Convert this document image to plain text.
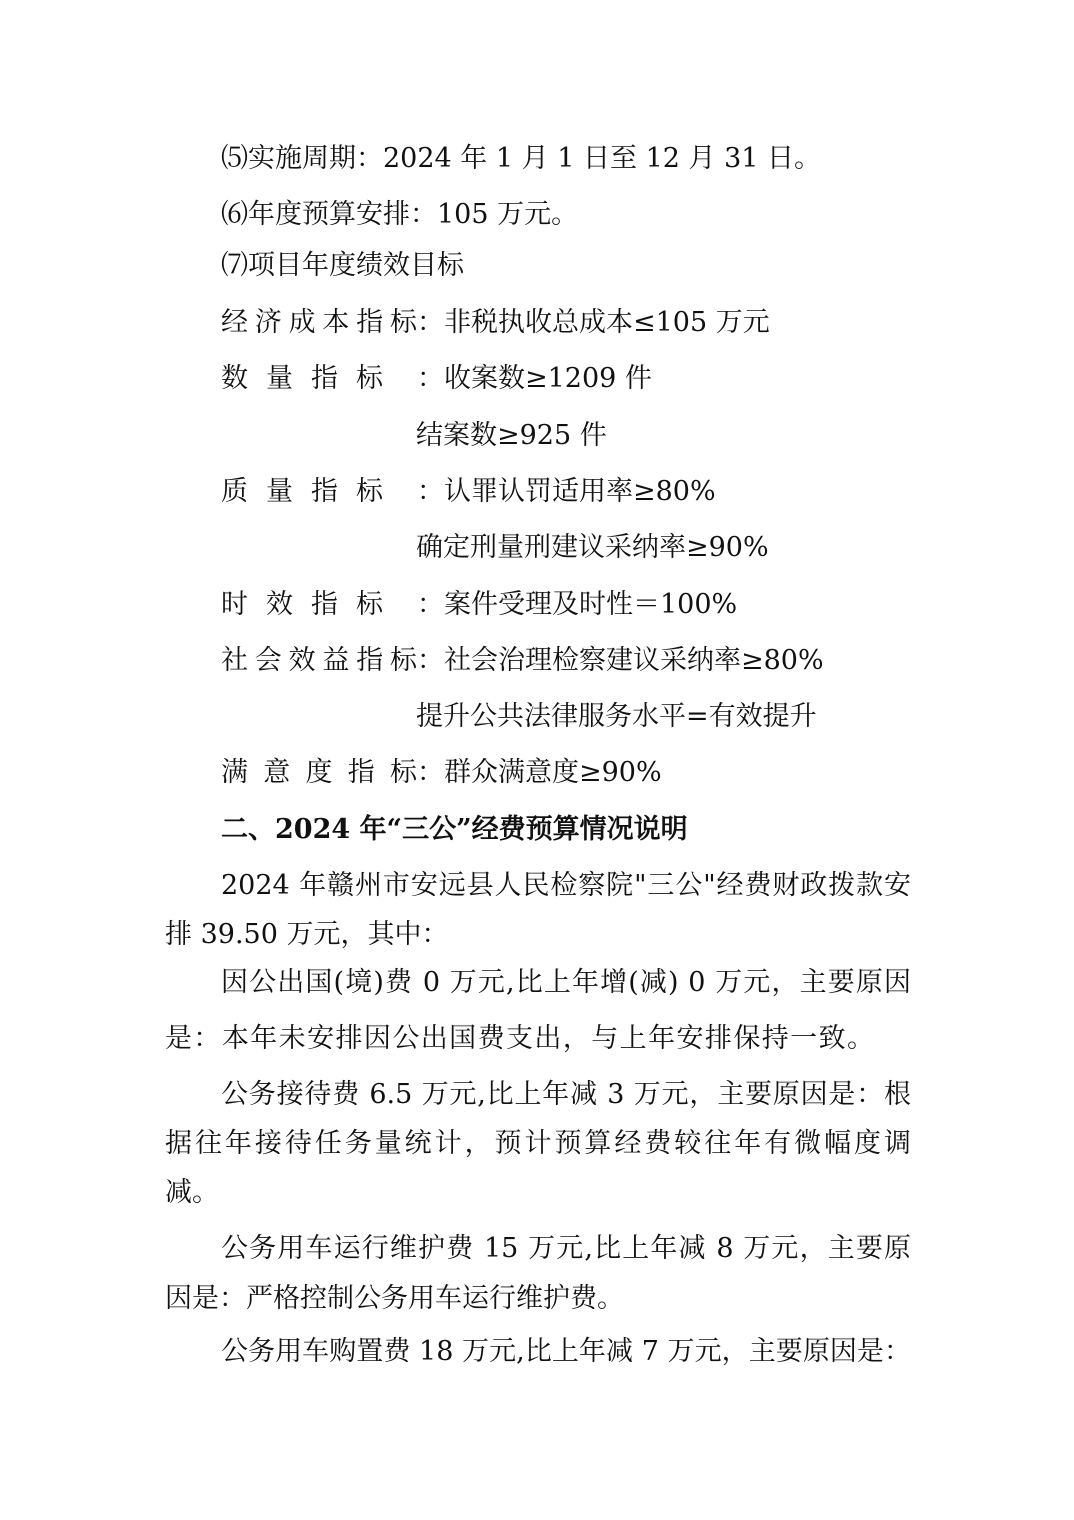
⑸实施周期：2024 年 1 月 1 日至 12 月 31 日。
⑹年度预算安排：105 万元。
⑺项目年度绩效目标
经济成本指标：非税执收总成本≤105 万元
数量指标 ：收案数≥1209 件
结案数≥925 件
质量指标 ：认罪认罚适用率≥80%
确定刑量刑建议采纳率≥90%
时效指标 ：案件受理及时性＝100%
社会效益指标：社会治理检察建议采纳率≥80%
提升公共法律服务水平=有效提升
满意度指标：群众满意度≥90%
二、2024 年“三公”经费预算情况说明
2024 年赣州市安远县人民检察院"三公"经费财政拨款安
排 39.50 万元，其中：
因公出国(境)费 0 万元,比上年增(减) 0 万元，主要原因
是：本年未安排因公出国费支出，与上年安排保持一致。
公务接待费 6.5 万元,比上年减 3 万元，主要原因是：根
据往年接待任务量统计，预计预算经费较往年有微幅度调
减。
公务用车运行维护费 15 万元,比上年减 8 万元，主要原
因是：严格控制公务用车运行维护费。
公务用车购置费 18 万元,比上年减 7 万元，主要原因是：
